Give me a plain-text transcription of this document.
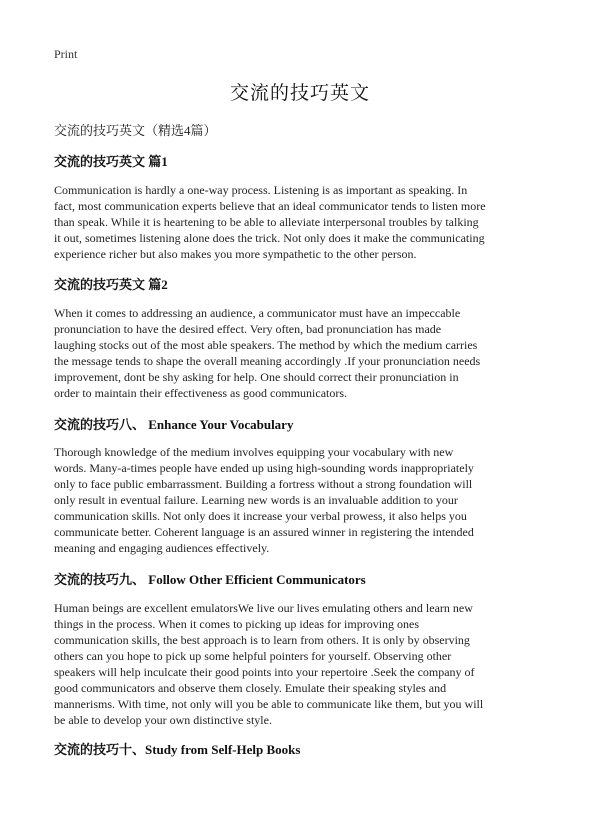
Print
交流的技巧英文
交流的技巧英文（精选4篇）
交流的技巧英文 篇1
Communication is hardly a one-way process. Listening is as important as speaking. In
fact, most communication experts believe that an ideal communicator tends to listen more
than speak. While it is heartening to be able to alleviate interpersonal troubles by talking
it out, sometimes listening alone does the trick. Not only does it make the communicating
experience richer but also makes you more sympathetic to the other person.
交流的技巧英文 篇2
When it comes to addressing an audience, a communicator must have an impeccable
pronunciation to have the desired effect. Very often, bad pronunciation has made
laughing stocks out of the most able speakers. The method by which the medium carries
the message tends to shape the overall meaning accordingly .If your pronunciation needs
improvement, dont be shy asking for help. One should correct their pronunciation in
order to maintain their effectiveness as good communicators.
交流的技巧八、 Enhance Your Vocabulary
Thorough knowledge of the medium involves equipping your vocabulary with new
words. Many-a-times people have ended up using high-sounding words inappropriately
only to face public embarrassment. Building a fortress without a strong foundation will
only result in eventual failure. Learning new words is an invaluable addition to your
communication skills. Not only does it increase your verbal prowess, it also helps you
communicate better. Coherent language is an assured winner in registering the intended
meaning and engaging audiences effectively.
交流的技巧九、 Follow Other Efficient Communicators
Human beings are excellent emulatorsWe live our lives emulating others and learn new
things in the process. When it comes to picking up ideas for improving ones
communication skills, the best approach is to learn from others. It is only by observing
others can you hope to pick up some helpful pointers for yourself. Observing other
speakers will help inculcate their good points into your repertoire .Seek the company of
good communicators and observe them closely. Emulate their speaking styles and
mannerisms. With time, not only will you be able to communicate like them, but you will
be able to develop your own distinctive style.
交流的技巧十、Study from Self-Help Books
